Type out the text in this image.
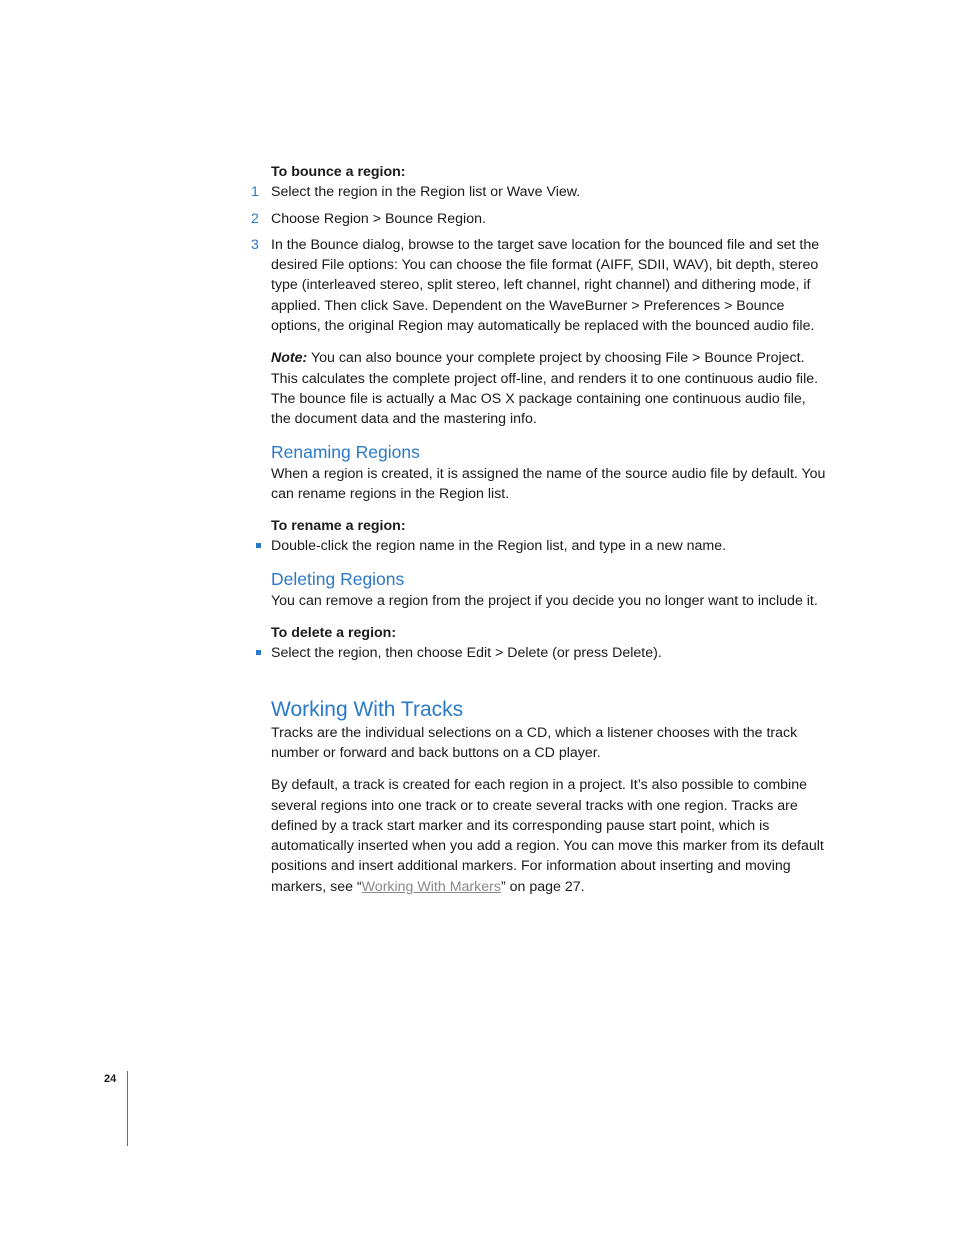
To bounce a region:

1 Select the region in the Region list or Wave View.
2 Choose Region > Bounce Region.
3 In the Bounce dialog, browse to the target save location for the bounced file and set the desired File options: You can choose the file format (AIFF, SDII, WAV), bit depth, stereo type (interleaved stereo, split stereo, left channel, right channel) and dithering mode, if applied. Then click Save. Dependent on the WaveBurner > Preferences > Bounce options, the original Region may automatically be replaced with the bounced audio file.

Note: You can also bounce your complete project by choosing File > Bounce Project. This calculates the complete project off-line, and renders it to one continuous audio file. The bounce file is actually a Mac OS X package containing one continuous audio file, the document data and the mastering info.

Renaming Regions

When a region is created, it is assigned the name of the source audio file by default. You can rename regions in the Region list.

To rename a region:

Double-click the region name in the Region list, and type in a new name.
Deleting Regions

You can remove a region from the project if you decide you no longer want to include it.

To delete a region:

Select the region, then choose Edit > Delete (or press Delete).
Working With Tracks

Tracks are the individual selections on a CD, which a listener chooses with the track number or forward and back buttons on a CD player.

By default, a track is created for each region in a project. It’s also possible to combine several regions into one track or to create several tracks with one region. Tracks are defined by a track start marker and its corresponding pause start point, which is automatically inserted when you add a region. You can move this marker from its default positions and insert additional markers. For information about inserting and moving markers, see “Working With Markers” on page 27.

24
